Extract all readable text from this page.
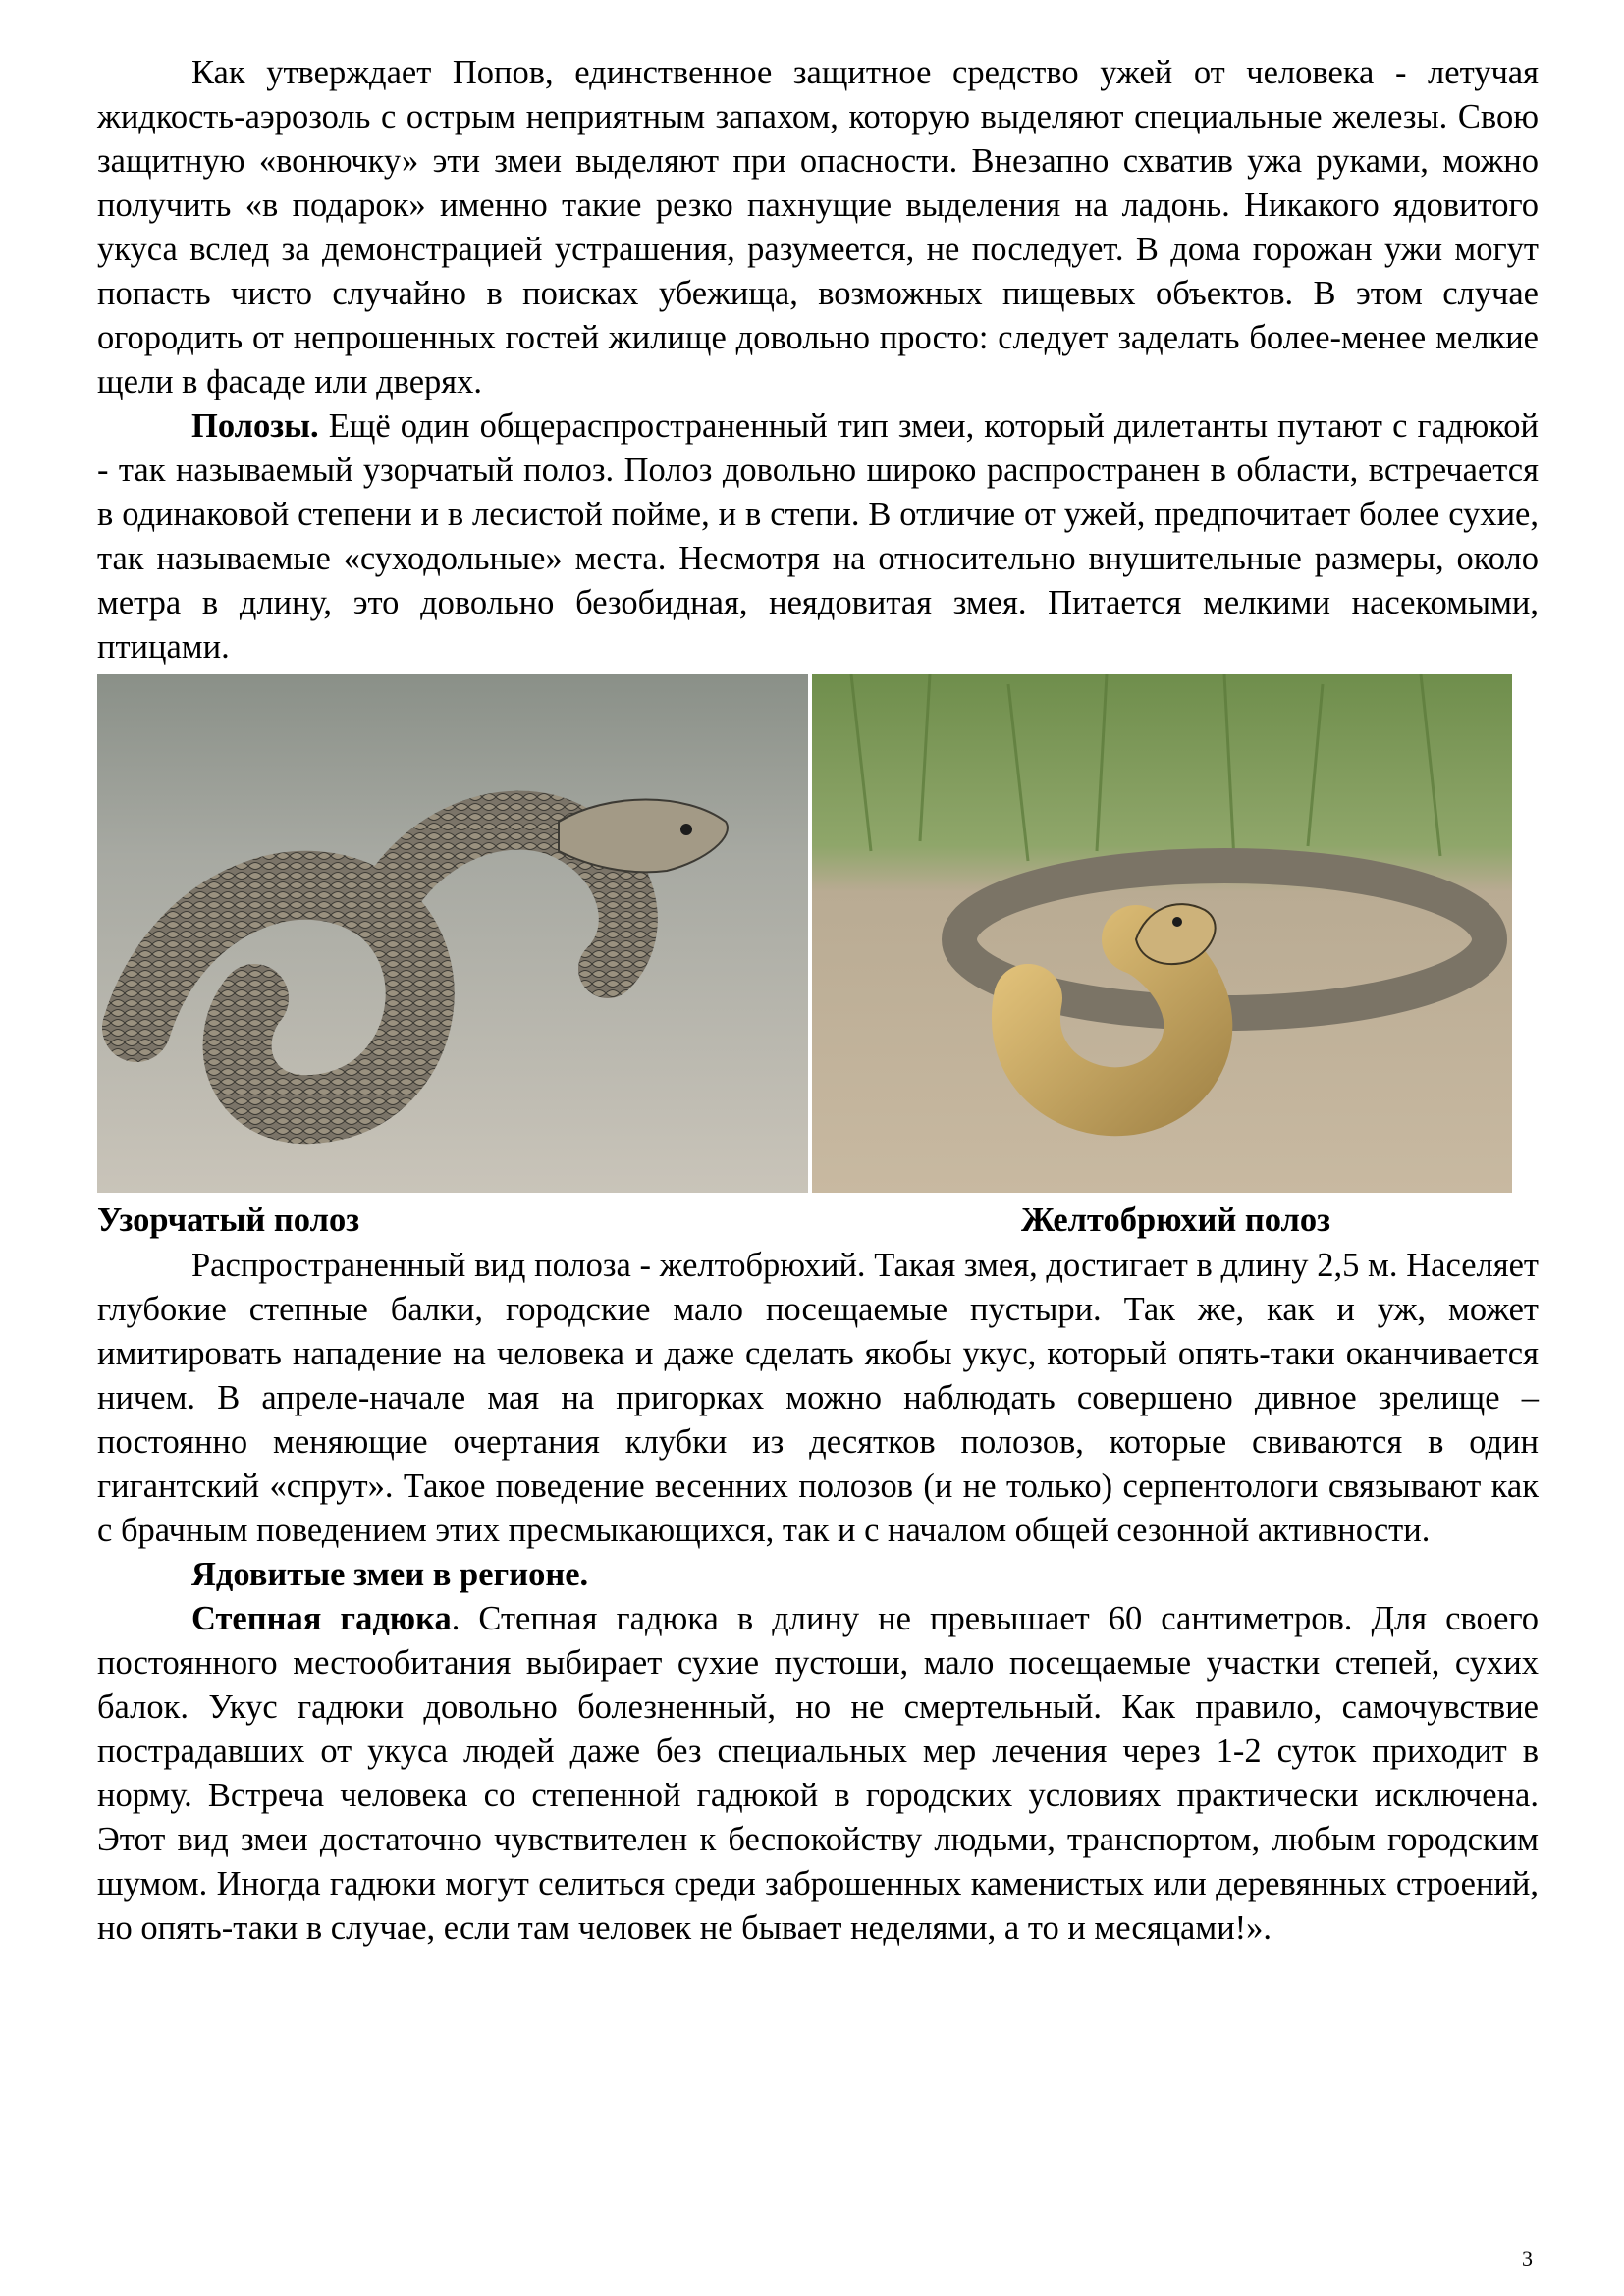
Как утверждает Попов, единственное защитное средство ужей от человека - летучая жидкость-аэрозоль с острым неприятным запахом, которую выделяют специальные железы. Свою защитную «вонючку» эти змеи выделяют при опасности. Внезапно схватив ужа руками, можно получить «в подарок» именно такие резко пахнущие выделения на ладонь. Никакого ядовитого укуса вслед за демонстрацией устрашения, разумеется, не последует. В дома горожан ужи могут попасть чисто случайно в поисках убежища, возможных пищевых объектов. В этом случае огородить от непрошенных гостей жилище довольно просто: следует заделать более-менее мелкие щели в фасаде или дверях.

Полозы. Ещё один общераспространенный тип змеи, который дилетанты путают с гадюкой - так называемый узорчатый полоз. Полоз довольно широко распространен в области, встречается в одинаковой степени и в лесистой пойме, и в степи. В отличие от ужей, предпочитает более сухие, так называемые «суходольные» места. Несмотря на относительно внушительные размеры, около метра в длину, это довольно безобидная, неядовитая змея. Питается мелкими насекомыми, птицами.

Узорчатый полоз	Желтобрюхий полоз

Распространенный вид полоза - желтобрюхий. Такая змея, достигает в длину 2,5 м. Населяет глубокие степные балки, городские мало посещаемые пустыри. Так же, как и уж, может имитировать нападение на человека и даже сделать якобы укус, который опять-таки оканчивается ничем. В апреле-начале мая на пригорках можно наблюдать совершено дивное зрелище – постоянно меняющие очертания клубки из десятков полозов, которые свиваются в один гигантский «спрут». Такое поведение весенних полозов (и не только) серпентологи связывают как с брачным поведением этих пресмыкающихся, так и с началом общей сезонной активности.

Ядовитые змеи в регионе.

Степная гадюка. Степная гадюка в длину не превышает 60 сантиметров. Для своего постоянного местообитания выбирает сухие пустоши, мало посещаемые участки степей, сухих балок. Укус гадюки довольно болезненный, но не смертельный. Как правило, самочувствие пострадавших от укуса людей даже без специальных мер лечения через 1-2 суток приходит в норму. Встреча человека со степенной гадюкой в городских условиях практически исключена. Этот вид змеи достаточно чувствителен к беспокойству людьми, транспортом, любым городским шумом. Иногда гадюки могут селиться среди заброшенных каменистых или деревянных строений, но опять-таки в случае, если там человек не бывает неделями, а то и месяцами!».

3
